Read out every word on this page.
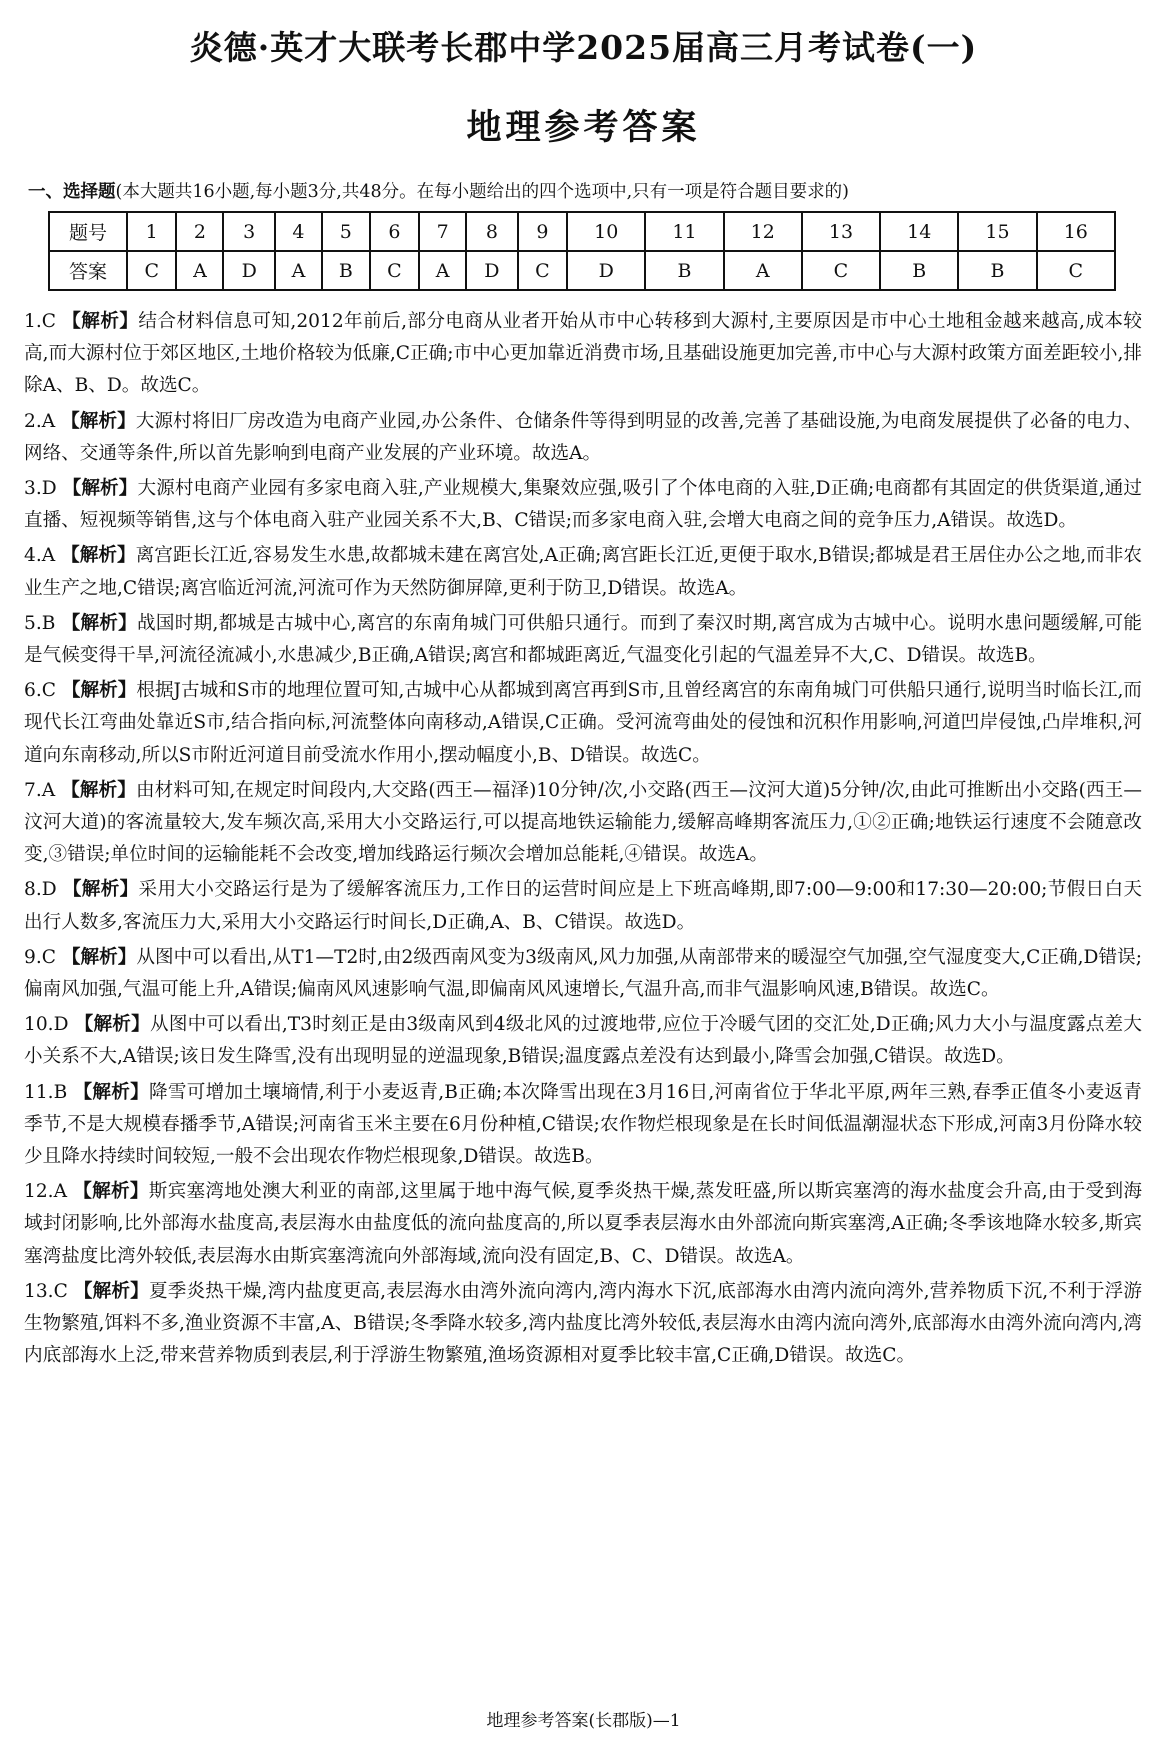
炎德·英才大联考长郡中学2025届高三月考试卷(一)
地理参考答案
一、选择题(本大题共16小题,每小题3分,共48分。在每小题给出的四个选项中,只有一项是符合题目要求的)
题号	1	2	3	4	5	6	7	8	9	10	11	12	13	14	15	16
答案	C	A	D	A	B	C	A	D	C	D	B	A	C	B	B	C
1.C 【解析】结合材料信息可知,2012年前后,部分电商从业者开始从市中心转移到大源村,主要原因是市中心土地租金越来越高,成本较高,而大源村位于郊区地区,土地价格较为低廉,C正确;市中心更加靠近消费市场,且基础设施更加完善,市中心与大源村政策方面差距较小,排除A、B、D。故选C。
2.A 【解析】大源村将旧厂房改造为电商产业园,办公条件、仓储条件等得到明显的改善,完善了基础设施,为电商发展提供了必备的电力、网络、交通等条件,所以首先影响到电商产业发展的产业环境。故选A。
3.D 【解析】大源村电商产业园有多家电商入驻,产业规模大,集聚效应强,吸引了个体电商的入驻,D正确;电商都有其固定的供货渠道,通过直播、短视频等销售,这与个体电商入驻产业园关系不大,B、C错误;而多家电商入驻,会增大电商之间的竞争压力,A错误。故选D。
4.A 【解析】离宫距长江近,容易发生水患,故都城未建在离宫处,A正确;离宫距长江近,更便于取水,B错误;都城是君王居住办公之地,而非农业生产之地,C错误;离宫临近河流,河流可作为天然防御屏障,更利于防卫,D错误。故选A。
5.B 【解析】战国时期,都城是古城中心,离宫的东南角城门可供船只通行。而到了秦汉时期,离宫成为古城中心。说明水患问题缓解,可能是气候变得干旱,河流径流减小,水患减少,B正确,A错误;离宫和都城距离近,气温变化引起的气温差异不大,C、D错误。故选B。
6.C 【解析】根据J古城和S市的地理位置可知,古城中心从都城到离宫再到S市,且曾经离宫的东南角城门可供船只通行,说明当时临长江,而现代长江弯曲处靠近S市,结合指向标,河流整体向南移动,A错误,C正确。受河流弯曲处的侵蚀和沉积作用影响,河道凹岸侵蚀,凸岸堆积,河道向东南移动,所以S市附近河道目前受流水作用小,摆动幅度小,B、D错误。故选C。
7.A 【解析】由材料可知,在规定时间段内,大交路(西王—福泽)10分钟/次,小交路(西王—汶河大道)5分钟/次,由此可推断出小交路(西王—汶河大道)的客流量较大,发车频次高,采用大小交路运行,可以提高地铁运输能力,缓解高峰期客流压力,①②正确;地铁运行速度不会随意改变,③错误;单位时间的运输能耗不会改变,增加线路运行频次会增加总能耗,④错误。故选A。
8.D 【解析】采用大小交路运行是为了缓解客流压力,工作日的运营时间应是上下班高峰期,即7:00—9:00和17:30—20:00;节假日白天出行人数多,客流压力大,采用大小交路运行时间长,D正确,A、B、C错误。故选D。
9.C 【解析】从图中可以看出,从T1—T2时,由2级西南风变为3级南风,风力加强,从南部带来的暖湿空气加强,空气湿度变大,C正确,D错误;偏南风加强,气温可能上升,A错误;偏南风风速影响气温,即偏南风风速增长,气温升高,而非气温影响风速,B错误。故选C。
10.D 【解析】从图中可以看出,T3时刻正是由3级南风到4级北风的过渡地带,应位于冷暖气团的交汇处,D正确;风力大小与温度露点差大小关系不大,A错误;该日发生降雪,没有出现明显的逆温现象,B错误;温度露点差没有达到最小,降雪会加强,C错误。故选D。
11.B 【解析】降雪可增加土壤墒情,利于小麦返青,B正确;本次降雪出现在3月16日,河南省位于华北平原,两年三熟,春季正值冬小麦返青季节,不是大规模春播季节,A错误;河南省玉米主要在6月份种植,C错误;农作物烂根现象是在长时间低温潮湿状态下形成,河南3月份降水较少且降水持续时间较短,一般不会出现农作物烂根现象,D错误。故选B。
12.A 【解析】斯宾塞湾地处澳大利亚的南部,这里属于地中海气候,夏季炎热干燥,蒸发旺盛,所以斯宾塞湾的海水盐度会升高,由于受到海域封闭影响,比外部海水盐度高,表层海水由盐度低的流向盐度高的,所以夏季表层海水由外部流向斯宾塞湾,A正确;冬季该地降水较多,斯宾塞湾盐度比湾外较低,表层海水由斯宾塞湾流向外部海域,流向没有固定,B、C、D错误。故选A。
13.C 【解析】夏季炎热干燥,湾内盐度更高,表层海水由湾外流向湾内,湾内海水下沉,底部海水由湾内流向湾外,营养物质下沉,不利于浮游生物繁殖,饵料不多,渔业资源不丰富,A、B错误;冬季降水较多,湾内盐度比湾外较低,表层海水由湾内流向湾外,底部海水由湾外流向湾内,湾内底部海水上泛,带来营养物质到表层,利于浮游生物繁殖,渔场资源相对夏季比较丰富,C正确,D错误。故选C。
地理参考答案(长郡版)—1
